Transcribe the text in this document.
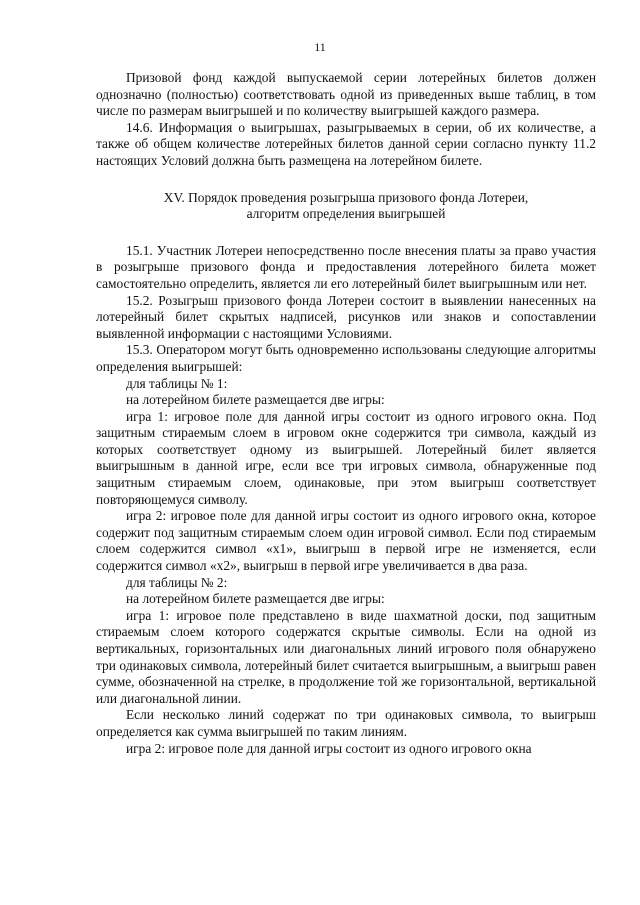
11

Призовой фонд каждой выпускаемой серии лотерейных билетов должен однозначно (полностью) соответствовать одной из приведенных выше таблиц, в том числе по размерам выигрышей и по количеству выигрышей каждого размера.

14.6. Информация о выигрышах, разыгрываемых в серии, об их количестве, а также об общем количестве лотерейных билетов данной серии согласно пункту 11.2 настоящих Условий должна быть размещена на лотерейном билете.

XV. Порядок проведения розыгрыша призового фонда Лотереи,
алгоритм определения выигрышей

15.1. Участник Лотереи непосредственно после внесения платы за право участия в розыгрыше призового фонда и предоставления лотерейного билета может самостоятельно определить, является ли его лотерейный билет выигрышным или нет.

15.2. Розыгрыш призового фонда Лотереи состоит в выявлении нанесенных на лотерейный билет скрытых надписей, рисунков или знаков и сопоставлении выявленной информации с настоящими Условиями.

15.3. Оператором могут быть одновременно использованы следующие алгоритмы определения выигрышей:

для таблицы № 1:

на лотерейном билете размещается две игры:

игра 1: игровое поле для данной игры состоит из одного игрового окна. Под защитным стираемым слоем в игровом окне содержится три символа, каждый из которых соответствует одному из выигрышей. Лотерейный билет является выигрышным в данной игре, если все три игровых символа, обнаруженные под защитным стираемым слоем, одинаковые, при этом выигрыш соответствует повторяющемуся символу.

игра 2: игровое поле для данной игры состоит из одного игрового окна, которое содержит под защитным стираемым слоем один игровой символ. Если под стираемым слоем содержится символ «х1», выигрыш в первой игре не изменяется, если содержится символ «х2», выигрыш в первой игре увеличивается в два раза.

для таблицы № 2:

на лотерейном билете размещается две игры:

игра 1: игровое поле представлено в виде шахматной доски, под защитным стираемым слоем которого содержатся скрытые символы. Если на одной из вертикальных, горизонтальных или диагональных линий игрового поля обнаружено три одинаковых символа, лотерейный билет считается выигрышным, а выигрыш равен сумме, обозначенной на стрелке, в продолжение той же горизонтальной, вертикальной или диагональной линии.

Если несколько линий содержат по три одинаковых символа, то выигрыш определяется как сумма выигрышей по таким линиям.

игра 2: игровое поле для данной игры состоит из одного игрового окна
